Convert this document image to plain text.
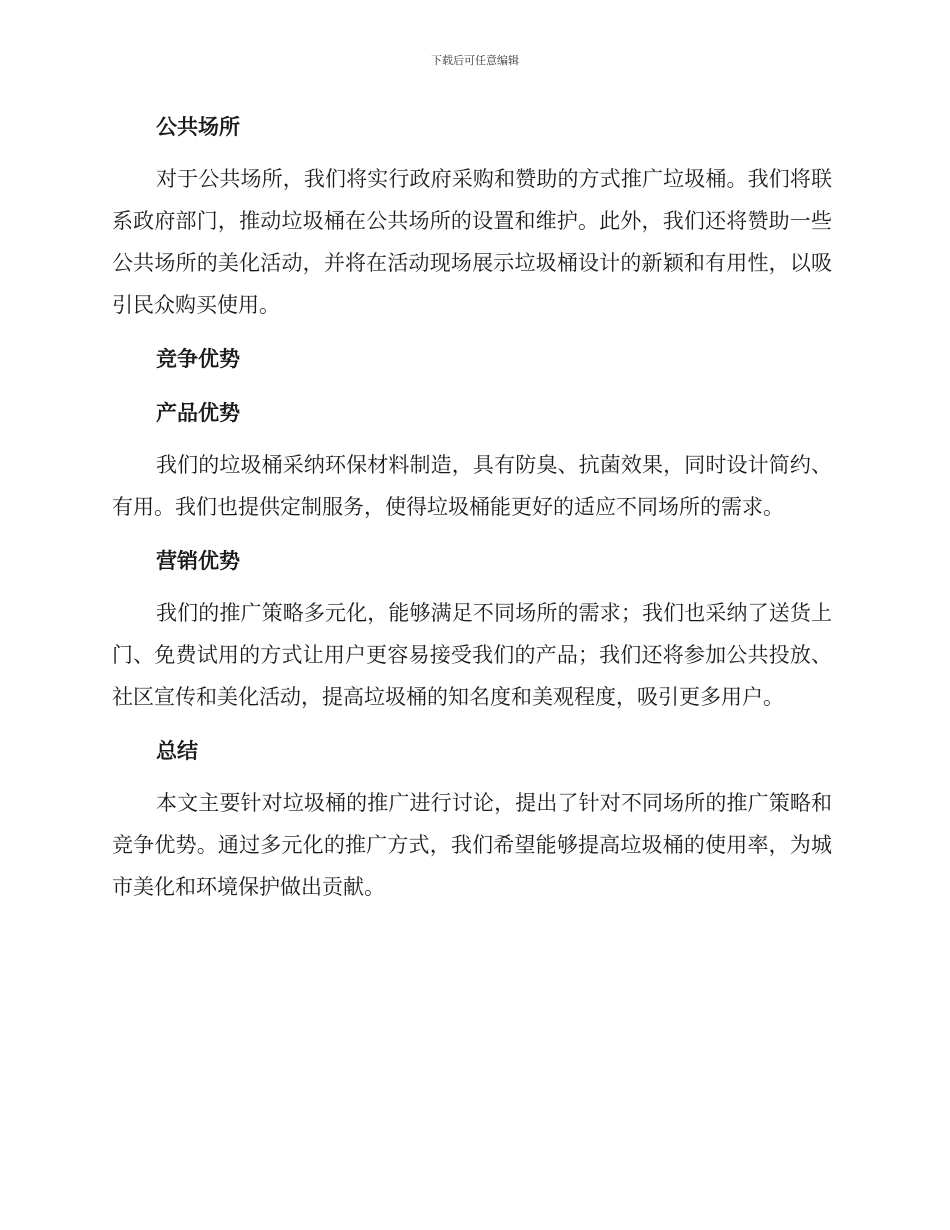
下载后可任意编辑
公共场所

对于公共场所，我们将实行政府采购和赞助的方式推广垃圾桶。我们将联系政府部门，推动垃圾桶在公共场所的设置和维护。此外，我们还将赞助一些公共场所的美化活动，并将在活动现场展示垃圾桶设计的新颖和有用性，以吸引民众购买使用。

竞争优势
产品优势

我们的垃圾桶采纳环保材料制造，具有防臭、抗菌效果，同时设计简约、有用。我们也提供定制服务，使得垃圾桶能更好的适应不同场所的需求。

营销优势

我们的推广策略多元化，能够满足不同场所的需求；我们也采纳了送货上门、免费试用的方式让用户更容易接受我们的产品；我们还将参加公共投放、社区宣传和美化活动，提高垃圾桶的知名度和美观程度，吸引更多用户。

总结

本文主要针对垃圾桶的推广进行讨论，提出了针对不同场所的推广策略和竞争优势。通过多元化的推广方式，我们希望能够提高垃圾桶的使用率，为城市美化和环境保护做出贡献。
